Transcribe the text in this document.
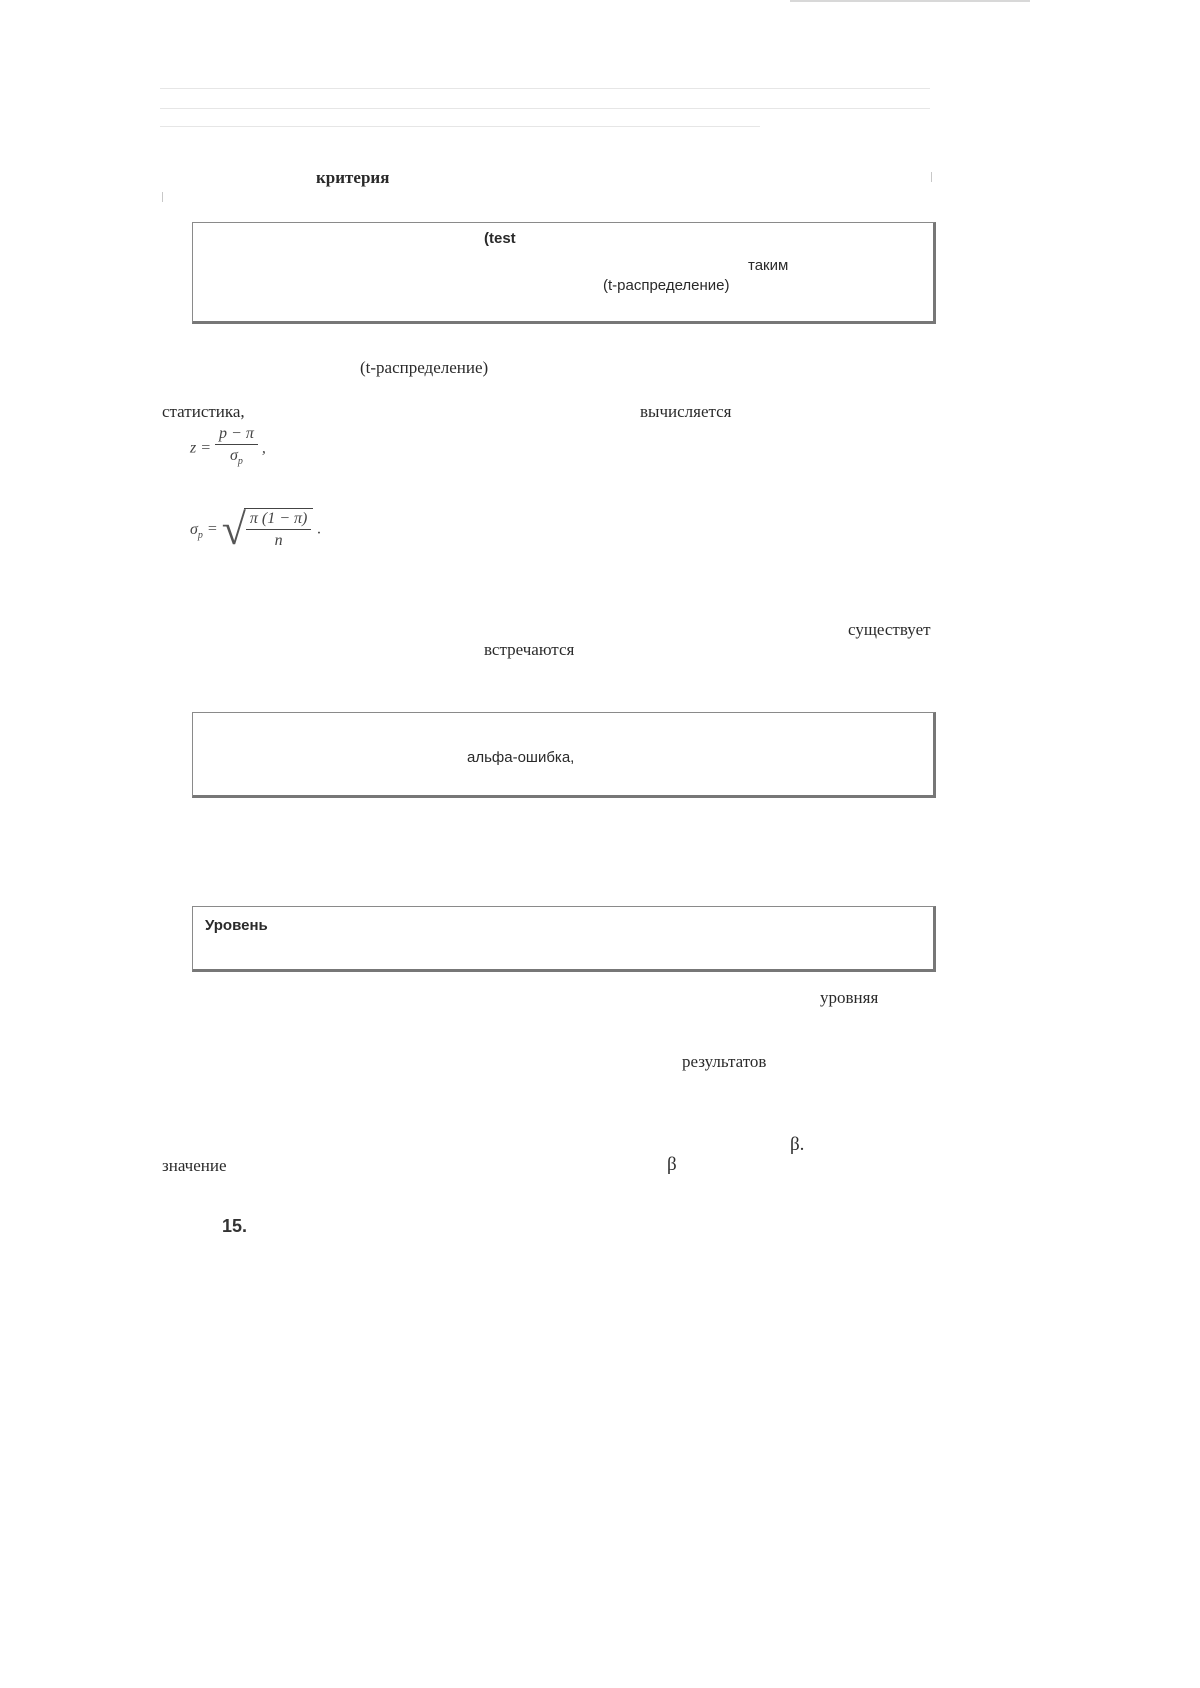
критерия
(test
таким
(t-распределение)
(t-распределение)
статистика,	вычисляется
$z = \frac{p - \pi}{\sigma_p}$ ,
$\sigma_p$ = √ $\frac{\pi (1 - \pi)}{n}$ .
существует
встречаются
альфа-ошибка,
Уровень
уровняя
результатов
β.
значение	β
15.
